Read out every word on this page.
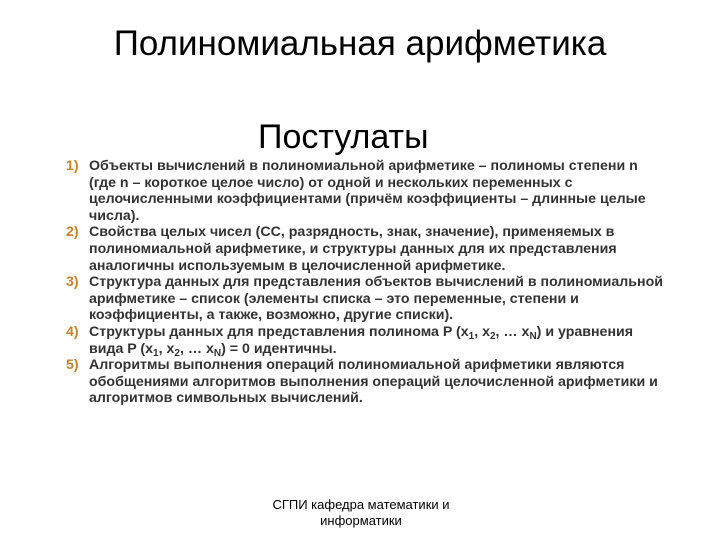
Полиномиальная арифметика
Постулаты
1) Объекты вычислений в полиномиальной арифметике – полиномы степени n (где n – короткое целое число) от одной и нескольких переменных с целочисленными коэффициентами (причём коэффициенты – длинные целые числа).
2) Свойства целых чисел (СС, разрядность, знак, значение), применяемых в полиномиальной арифметике, и структуры данных для их представления аналогичны используемым в целочисленной арифметике.
3) Структура данных для представления объектов вычислений в полиномиальной арифметике – список (элементы списка – это переменные, степени и коэффициенты, а также, возможно, другие списки).
4) Структуры данных для представления полинома P ($x_1$, $x_2$, … $x_N$) и уравнения вида P ($x_1$, $x_2$, … $x_N) = 0$ идентичны.
5) Алгоритмы выполнения операций полиномиальной арифметики являются обобщениями алгоритмов выполнения операций целочисленной арифметики и алгоритмов символьных вычислений.
СГПИ кафедра математики и
информатики
